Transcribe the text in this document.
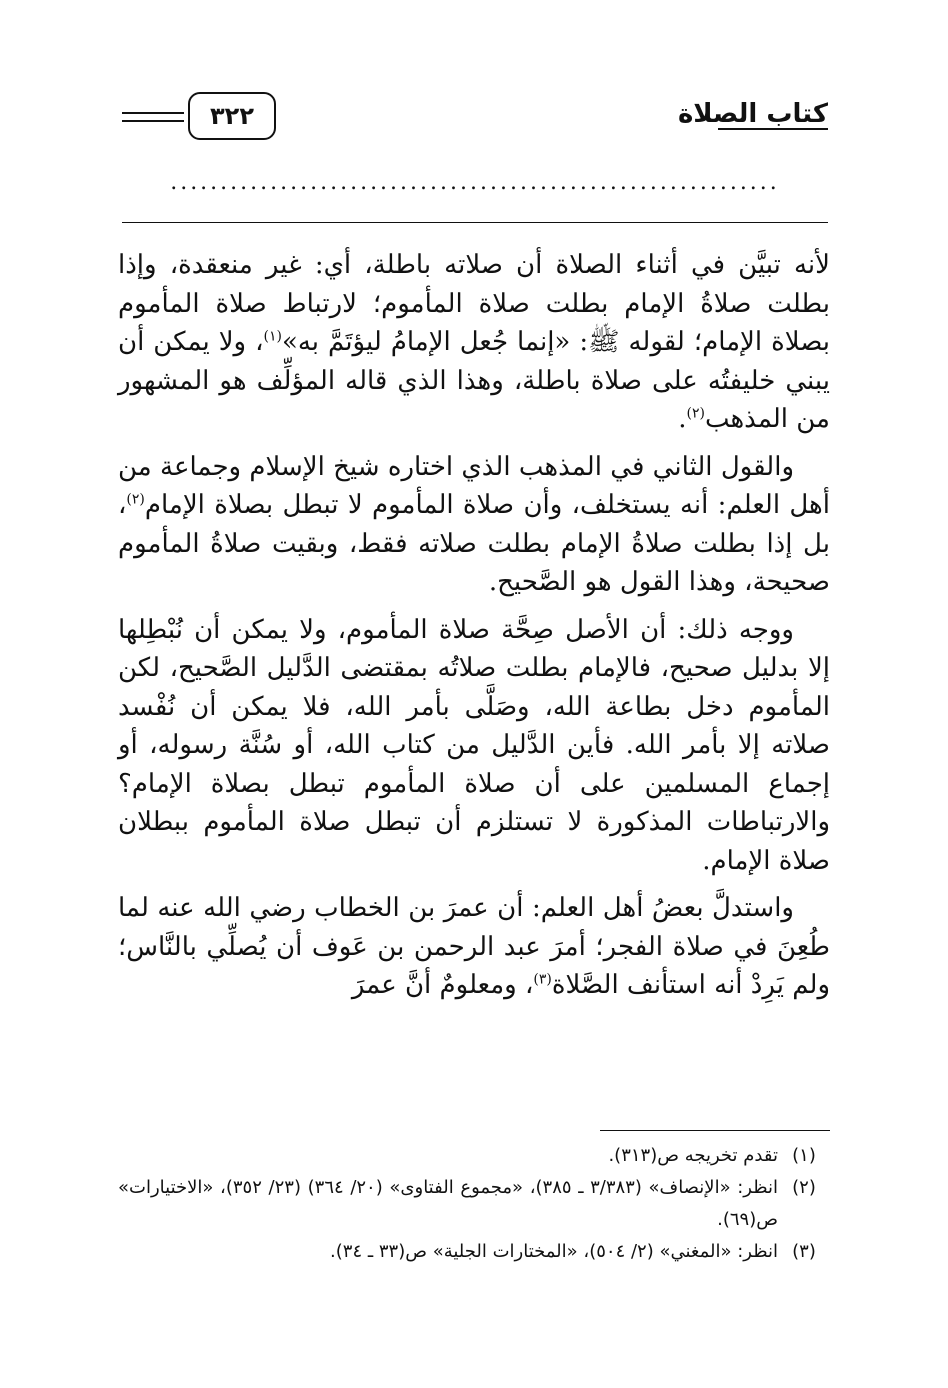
كتاب الصلاة
٣٢٢
.............................................................

لأنه تبيَّن في أثناء الصلاة أن صلاته باطلة، أي: غير منعقدة، وإذا بطلت صلاةُ الإمام بطلت صلاة المأموم؛ لارتباط صلاة المأموم بصلاة الإمام؛ لقوله ﷺ: «إنما جُعل الإمامُ ليؤتَمَّ به»$^{(١)}$، ولا يمكن أن يبني خليفتُه على صلاة باطلة، وهذا الذي قاله المؤلِّف هو المشهور من المذهب$^{(٢)}$.

والقول الثاني في المذهب الذي اختاره شيخ الإسلام وجماعة من أهل العلم: أنه يستخلف، وأن صلاة المأموم لا تبطل بصلاة الإمام$^{(٢)}$، بل إذا بطلت صلاةُ الإمام بطلت صلاته فقط، وبقيت صلاةُ المأموم صحيحة، وهذا القول هو الصَّحيح.

ووجه ذلك: أن الأصل صِحَّة صلاة المأموم، ولا يمكن أن نُبْطِلها إلا بدليل صحيح، فالإمام بطلت صلاتُه بمقتضى الدَّليل الصَّحيح، لكن المأموم دخل بطاعة الله، وصَلَّى بأمر الله، فلا يمكن أن نُفْسد صلاته إلا بأمر الله. فأين الدَّليل من كتاب الله، أو سُنَّة رسوله، أو إجماع المسلمين على أن صلاة المأموم تبطل بصلاة الإمام؟ والارتباطات المذكورة لا تستلزم أن تبطل صلاة المأموم ببطلان صلاة الإمام.

واستدلَّ بعضُ أهل العلم: أن عمرَ بن الخطاب رضي الله عنه لما طُعِنَ في صلاة الفجر؛ أمرَ عبد الرحمن بن عَوف أن يُصلِّي بالنَّاس؛ ولم يَرِدْ أنه استأنف الصَّلاة$^{(٣)}$، ومعلومٌ أنَّ عمرَ

(١)
تقدم تخريجه ص(٣١٣).
(٢)
انظر: «الإنصاف» (٣/٣٨٣ ـ ٣٨٥)، «مجموع الفتاوى» (٢٠/ ٣٦٤) (٢٣/ ٣٥٢)، «الاختيارات» ص(٦٩).
(٣)
انظر: «المغني» (٢/ ٥٠٤)، «المختارات الجلية» ص(٣٣ ـ ٣٤).
